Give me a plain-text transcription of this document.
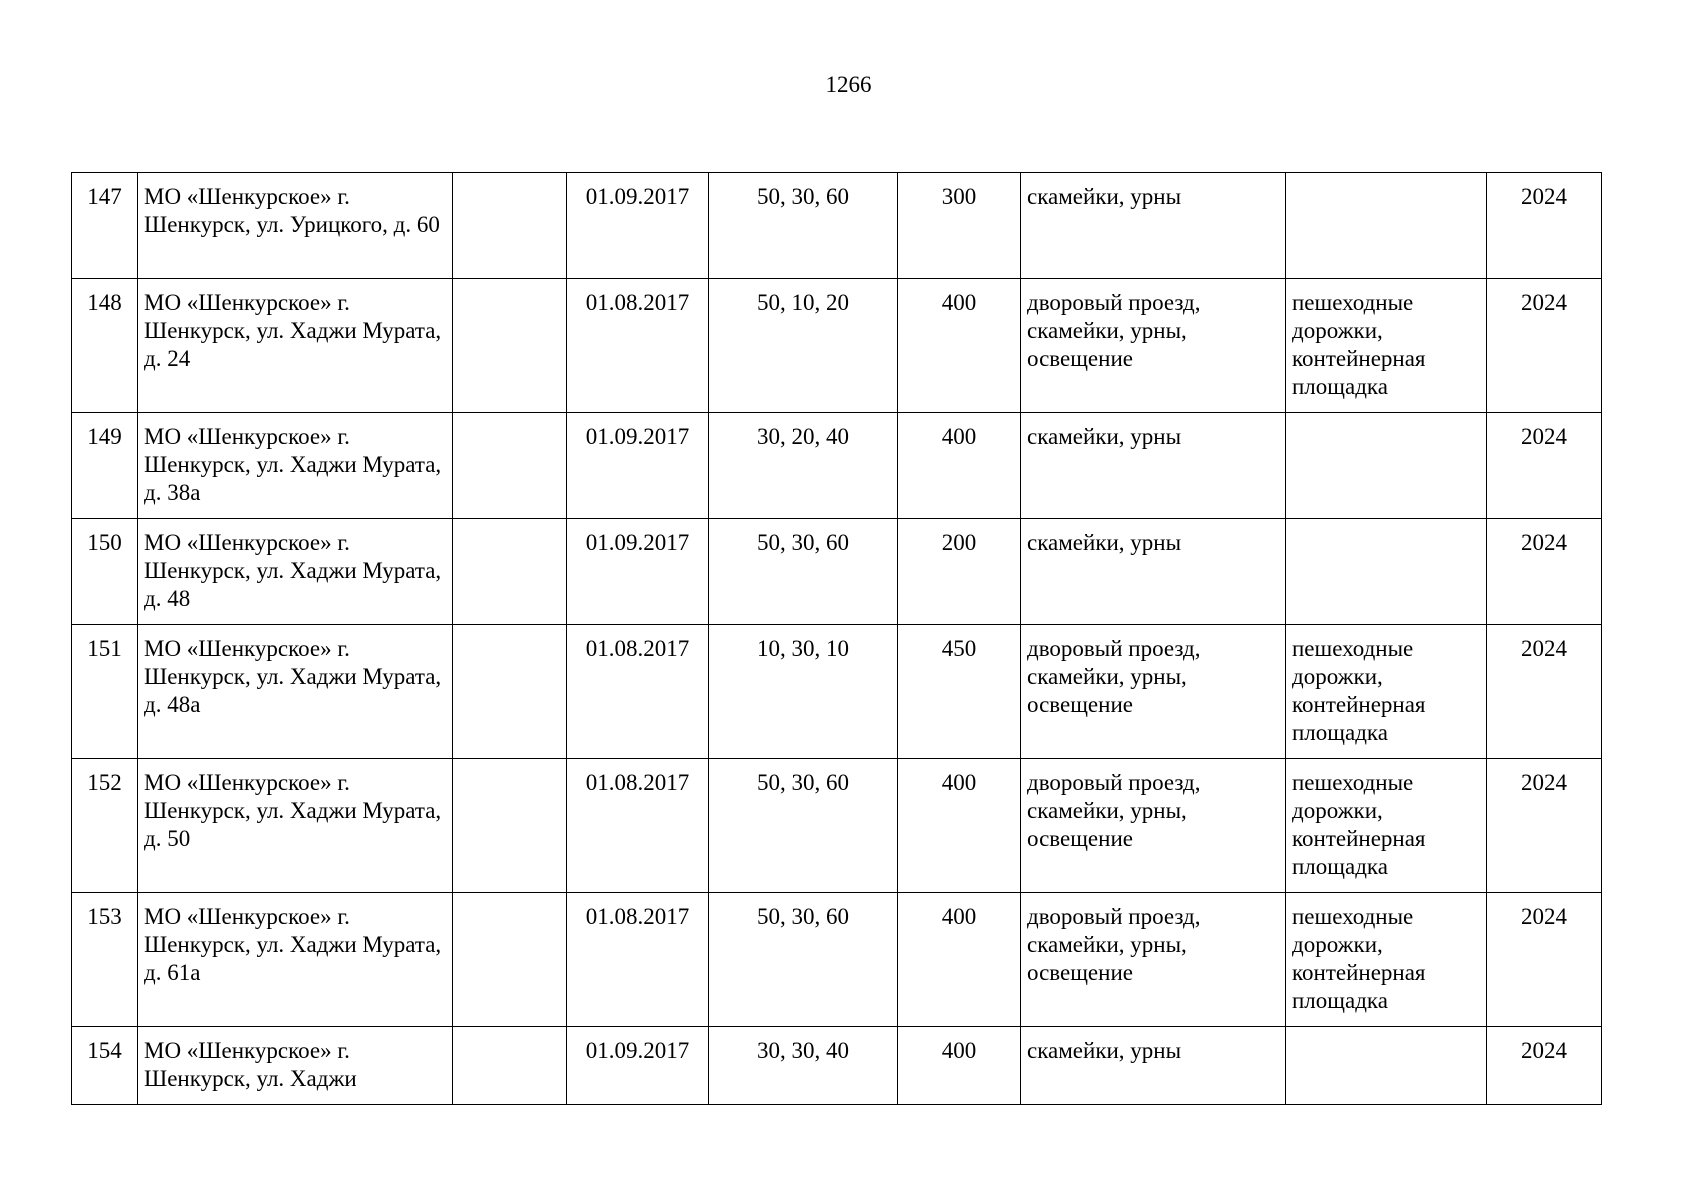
1266
147	МО «Шенкурское» г. Шенкурск, ул. Урицкого, д. 60		01.09.2017	50, 30, 60	300	скамейки, урны		2024
148	МО «Шенкурское» г. Шенкурск, ул. Хаджи Мурата, д. 24		01.08.2017	50, 10, 20	400	дворовый проезд, скамейки, урны, освещение	пешеходные дорожки, контейнерная площадка	2024
149	МО «Шенкурское» г. Шенкурск, ул. Хаджи Мурата, д. 38а		01.09.2017	30, 20, 40	400	скамейки, урны		2024
150	МО «Шенкурское» г. Шенкурск, ул. Хаджи Мурата, д. 48		01.09.2017	50, 30, 60	200	скамейки, урны		2024
151	МО «Шенкурское» г. Шенкурск, ул. Хаджи Мурата, д. 48а		01.08.2017	10, 30, 10	450	дворовый проезд, скамейки, урны, освещение	пешеходные дорожки, контейнерная площадка	2024
152	МО «Шенкурское» г. Шенкурск, ул. Хаджи Мурата, д. 50		01.08.2017	50, 30, 60	400	дворовый проезд, скамейки, урны, освещение	пешеходные дорожки, контейнерная площадка	2024
153	МО «Шенкурское» г. Шенкурск, ул. Хаджи Мурата, д. 61а		01.08.2017	50, 30, 60	400	дворовый проезд, скамейки, урны, освещение	пешеходные дорожки, контейнерная площадка	2024
154	МО «Шенкурское» г. Шенкурск, ул. Хаджи		01.09.2017	30, 30, 40	400	скамейки, урны		2024
